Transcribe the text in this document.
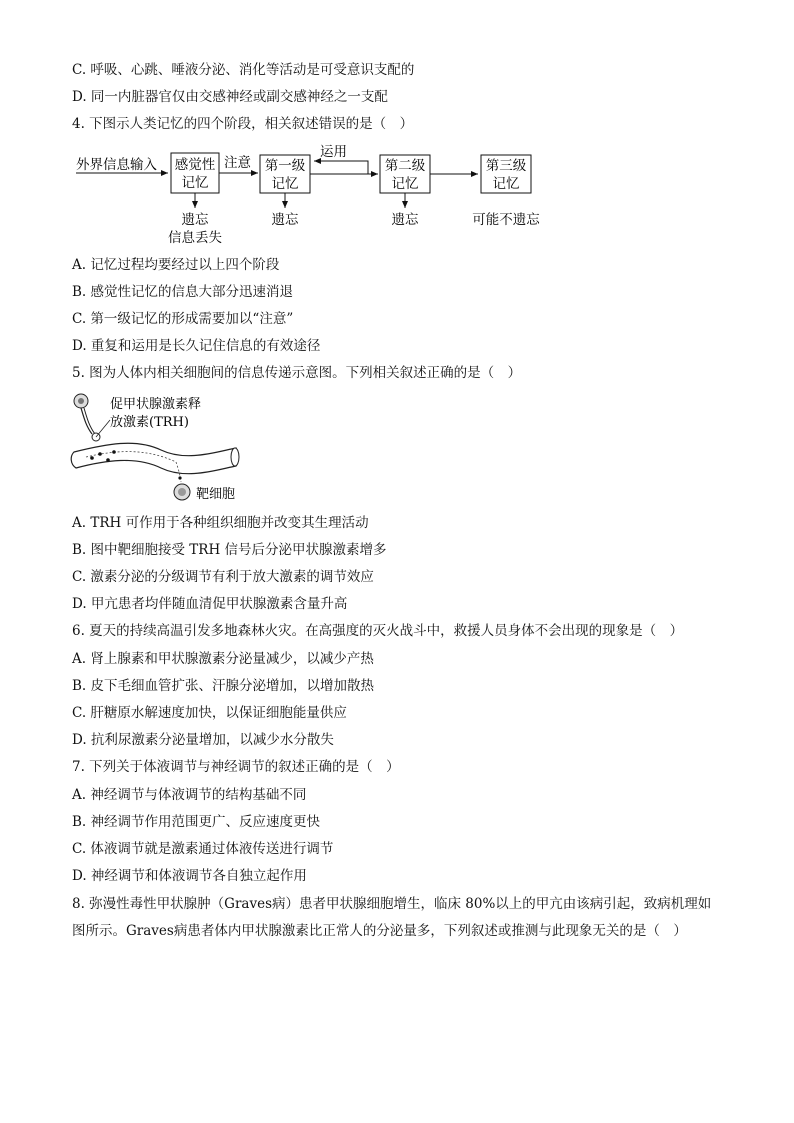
C. 呼吸、心跳、唾液分泌、消化等活动是可受意识支配的
D. 同一内脏器官仅由交感神经或副交感神经之一支配
4. 下图示人类记忆的四个阶段，相关叙述错误的是（　）
外界信息输入 感觉性
记忆
注意 第一级
记忆
运用
第二级
记忆
第三级
记忆
遗忘
信息丢失
遗忘	遗忘	可能不遗忘
A. 记忆过程均要经过以上四个阶段
B. 感觉性记忆的信息大部分迅速消退
C. 第一级记忆的形成需要加以“注意”
D. 重复和运用是长久记住信息的有效途径
5. 图为人体内相关细胞间的信息传递示意图。下列相关叙述正确的是（　）
促甲状腺激素释
放激素(TRH)
靶细胞
A. TRH 可作用于各种组织细胞并改变其生理活动
B. 图中靶细胞接受 TRH 信号后分泌甲状腺激素增多
C. 激素分泌的分级调节有利于放大激素的调节效应
D. 甲亢患者均伴随血清促甲状腺激素含量升高
6. 夏天的持续高温引发多地森林火灾。在高强度的灭火战斗中，救援人员身体不会出现的现象是（　）
A. 肾上腺素和甲状腺激素分泌量减少，以减少产热
B. 皮下毛细血管扩张、汗腺分泌增加，以增加散热
C. 肝糖原水解速度加快，以保证细胞能量供应
D. 抗利尿激素分泌量增加，以减少水分散失
7. 下列关于体液调节与神经调节的叙述正确的是（　）
A. 神经调节与体液调节的结构基础不同
B. 神经调节作用范围更广、反应速度更快
C. 体液调节就是激素通过体液传送进行调节
D. 神经调节和体液调节各自独立起作用
8. 弥漫性毒性甲状腺肿（Graves病）患者甲状腺细胞增生，临床 80%以上的甲亢由该病引起，致病机理如
图所示。Graves病患者体内甲状腺激素比正常人的分泌量多，下列叙述或推测与此现象无关的是（　）
